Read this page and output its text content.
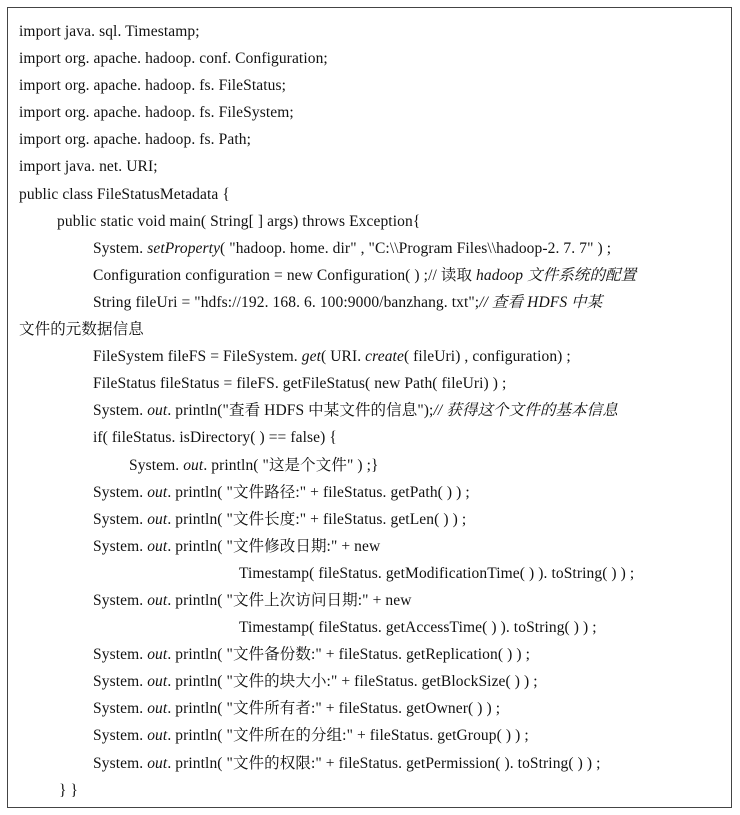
import java. sql. Timestamp;
import org. apache. hadoop. conf. Configuration;
import org. apache. hadoop. fs. FileStatus;
import org. apache. hadoop. fs. FileSystem;
import org. apache. hadoop. fs. Path;
import java. net. URI;
public class FileStatusMetadata {
public static void main( String[ ] args) throws Exception{
System. setProperty( "hadoop. home. dir" , "C:\\Program Files\\hadoop-2. 7. 7" ) ;
Configuration configuration = new Configuration( ) ;// 读取 hadoop 文件系统的配置
String fileUri = "hdfs://192. 168. 6. 100:9000/banzhang. txt";// 查看 HDFS 中某
文件的元数据信息
FileSystem fileFS = FileSystem. get( URI. create( fileUri) , configuration) ;
FileStatus fileStatus = fileFS. getFileStatus( new Path( fileUri) ) ;
System. out. println("查看 HDFS 中某文件的信息");// 获得这个文件的基本信息
if( fileStatus. isDirectory( ) == false) {
System. out. println( "这是个文件" ) ;}
System. out. println( "文件路径:" + fileStatus. getPath( ) ) ;
System. out. println( "文件长度:" + fileStatus. getLen( ) ) ;
System. out. println( "文件修改日期:" + new
Timestamp( fileStatus. getModificationTime( ) ). toString( ) ) ;
System. out. println( "文件上次访问日期:" + new
Timestamp( fileStatus. getAccessTime( ) ). toString( ) ) ;
System. out. println( "文件备份数:" + fileStatus. getReplication( ) ) ;
System. out. println( "文件的块大小:" + fileStatus. getBlockSize( ) ) ;
System. out. println( "文件所有者:" + fileStatus. getOwner( ) ) ;
System. out. println( "文件所在的分组:" + fileStatus. getGroup( ) ) ;
System. out. println( "文件的权限:" + fileStatus. getPermission( ). toString( ) ) ;
} }
